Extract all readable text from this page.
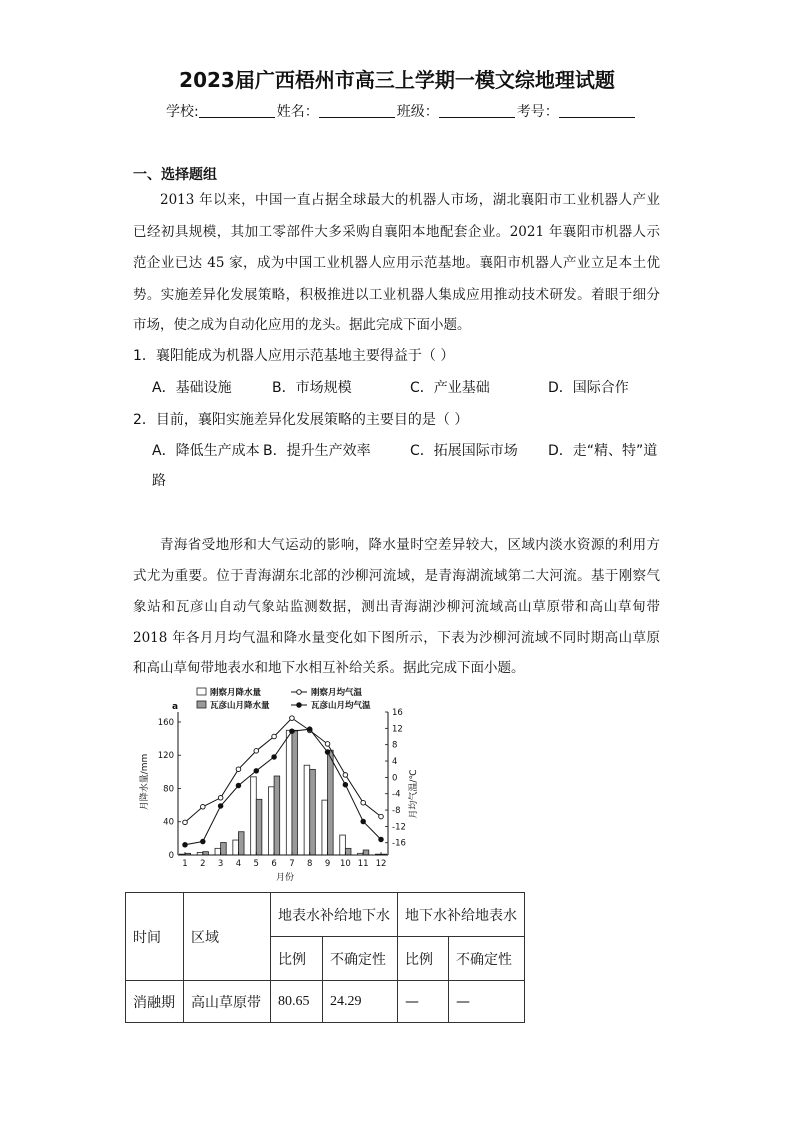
2023届广西梧州市高三上学期一模文综地理试题
学校:	姓名：	班级：	考号：
一、选择题组
2013 年以来，中国一直占据全球最大的机器人市场，湖北襄阳市工业机器人产业
已经初具规模，其加工零部件大多采购自襄阳本地配套企业。2021 年襄阳市机器人示
范企业已达 45 家，成为中国工业机器人应用示范基地。襄阳市机器人产业立足本土优
势。实施差异化发展策略，积极推进以工业机器人集成应用推动技术研发。着眼于细分
市场，使之成为自动化应用的龙头。据此完成下面小题。
1．襄阳能成为机器人应用示范基地主要得益于（ ）
A．基础设施	B．市场规模	C．产业基础	D．国际合作
2．目前，襄阳实施差异化发展策略的主要目的是（ ）
A．降低生产成本 B．提升生产效率	C．拓展国际市场 D．走“精、特”道
路
青海省受地形和大气运动的影响，降水量时空差异较大，区域内淡水资源的利用方
式尤为重要。位于青海湖东北部的沙柳河流域，是青海湖流域第二大河流。基于刚察气
象站和瓦彦山自动气象站监测数据，测出青海湖沙柳河流域高山草原带和高山草甸带
2018 年各月月均气温和降水量变化如下图所示，下表为沙柳河流域不同时期高山草原
和高山草甸带地表水和地下水相互补给关系。据此完成下面小题。
0
40
80
120
160
16
12
8
4
0
-4
-8
-12
-16
1 2 3 4 5 6 7 8 9 10 11 12
刚察月降水量
瓦彦山月降水量
刚察月均气温
瓦彦山月均气温
a
月份
月降水量/mm	月均气温/℃
时间	区域	地表水补给地下水		地下水补给地表水	
		比例	不确定性	比例	不确定性
消融期	高山草原带	80.65	24.29	—	—
